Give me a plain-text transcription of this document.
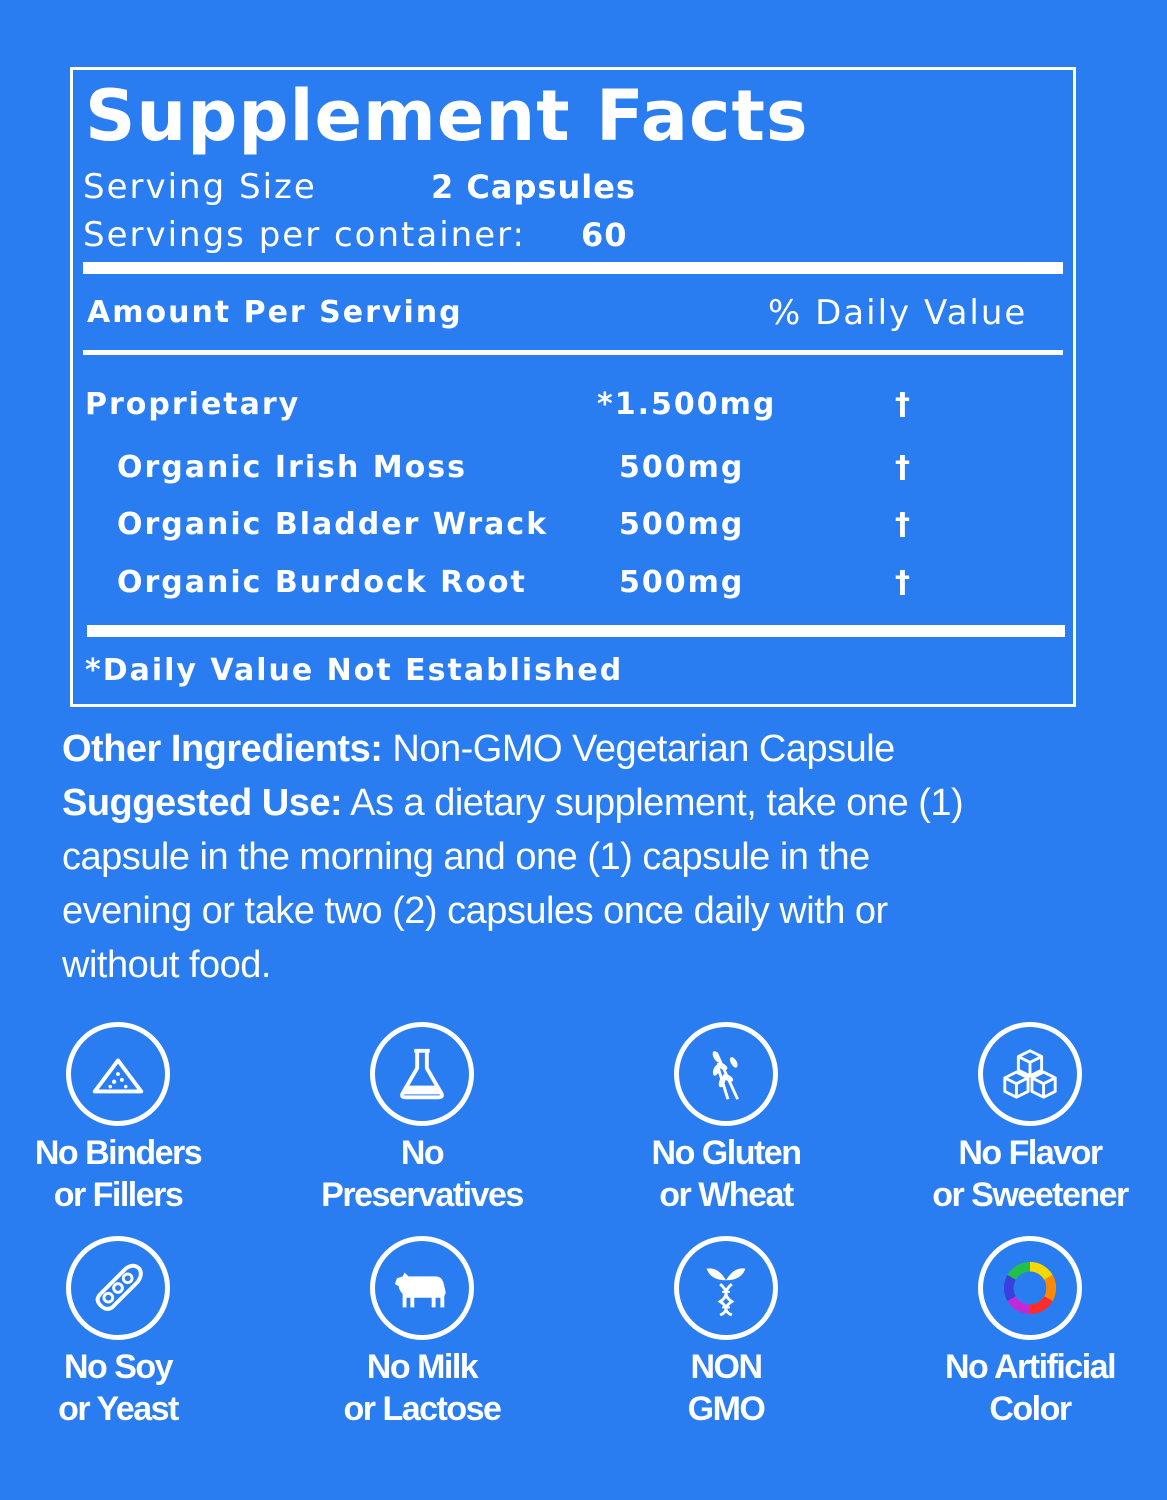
Supplement Facts
Serving Size	2 Capsules
Servings per container: 60
Amount Per Serving	% Daily Value
Proprietary	*1.500mg	†
Organic Irish Moss	500mg	†
Organic Bladder Wrack 500mg	†
Organic Burdock Root	500mg	†
*Daily Value Not Established
Other Ingredients: Non-GMO Vegetarian Capsule
Suggested Use: As a dietary supplement, take one (1)
capsule in the morning and one (1) capsule in the
evening or take two (2) capsules once daily with or
without food.
No Binders
or Fillers
No
Preservatives
No Gluten
or Wheat
No Flavor
or Sweetener
No Soy
or Yeast
No Milk
or Lactose
NON
GMO
No Artificial
Color
